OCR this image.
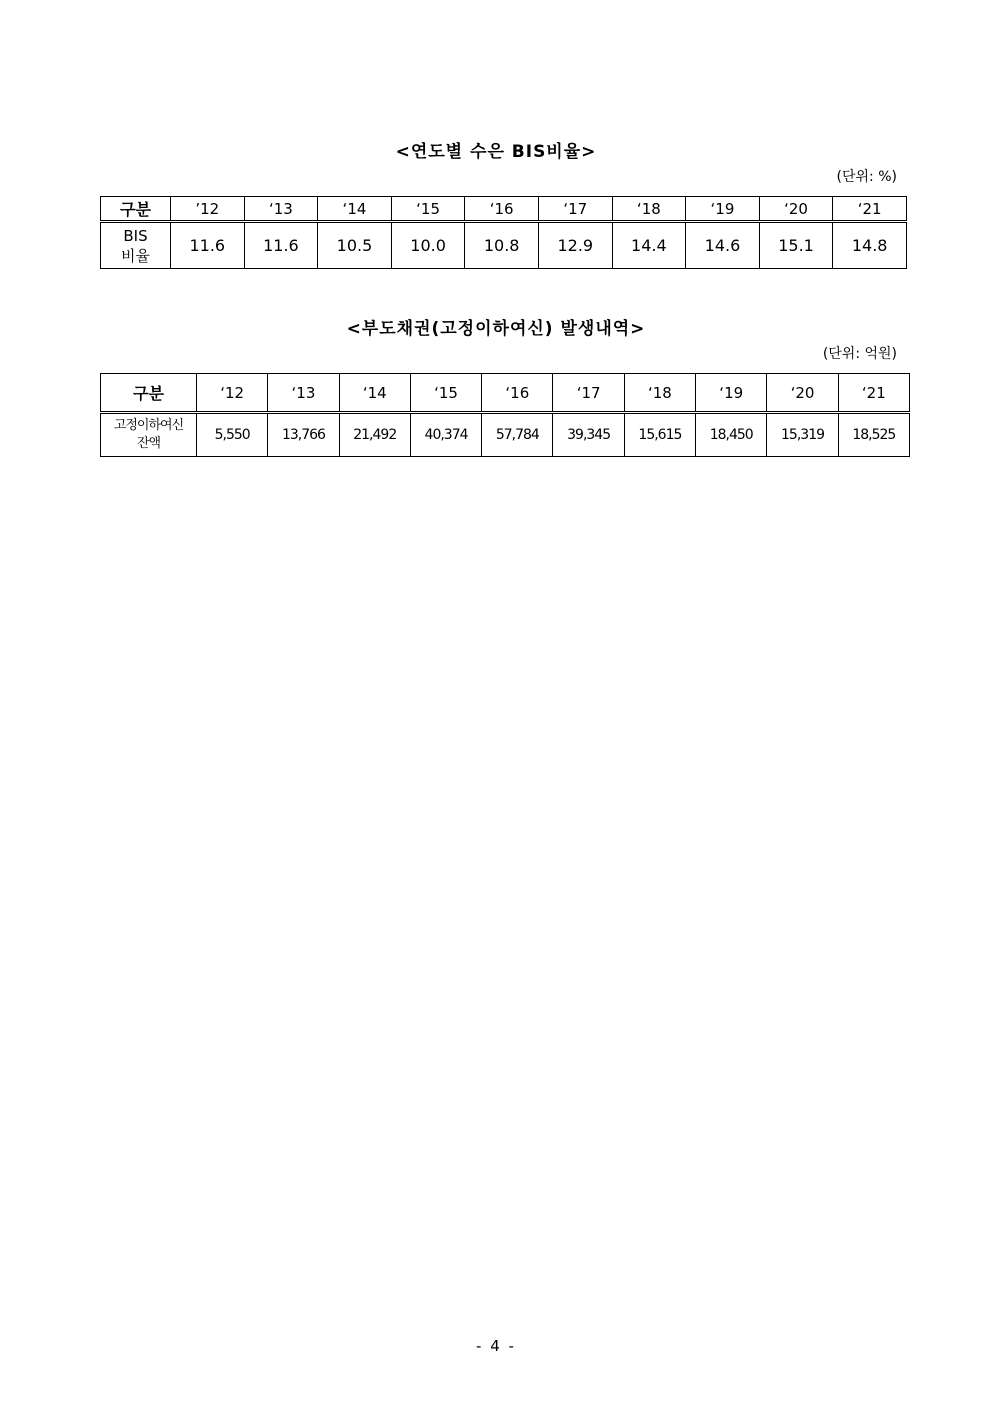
<연도별 수은 BIS비율>
(단위: %)
구분	’12	‘13	‘14	‘15	‘16	‘17	‘18	‘19	‘20	‘21

BIS
비율	11.6	11.6	10.5	10.0	10.8	12.9	14.4	14.6	15.1	14.8
<부도채권(고정이하여신) 발생내역>
(단위: 억원)
구분	‘12	‘13	‘14	‘15	‘16	‘17	‘18	‘19	‘20	‘21

고정이하여신
잔액	5,550	13,766	21,492	40,374	57,784	39,345	15,615	18,450	15,319	18,525
- 4 -
